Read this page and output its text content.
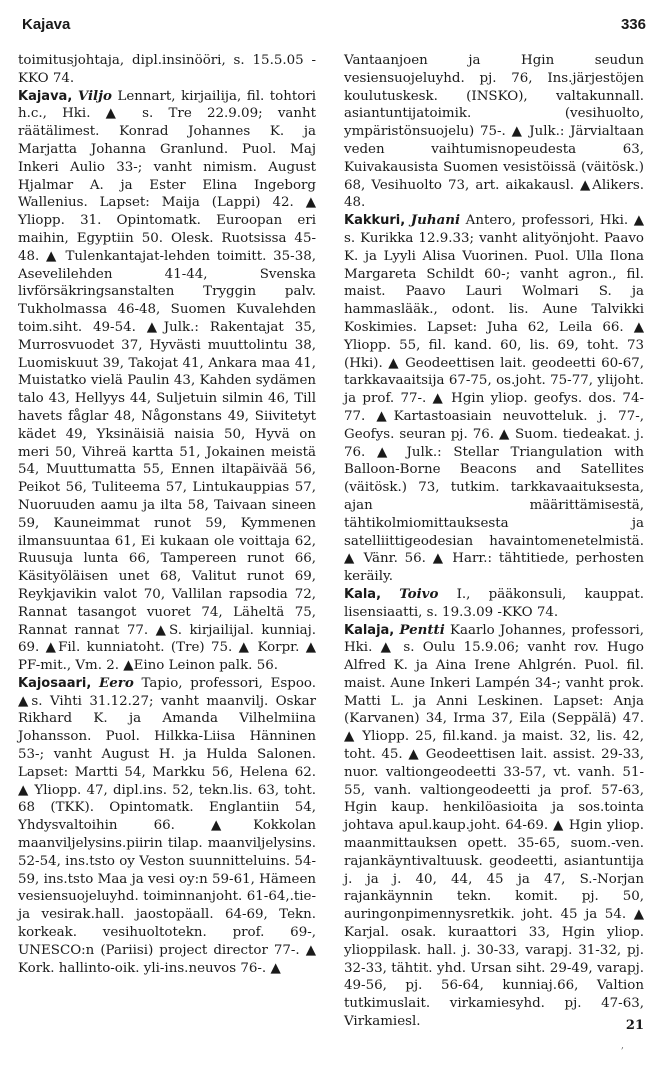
Kajava	336

toimitusjohtaja, dipl.insinööri, s. 15.5.05 -KKO 74.

Kajava, Viljo Lennart, kirjailija, fil. tohtori h.c., Hki. ▲ s. Tre 22.9.09; vanht räätälimest. Konrad Johannes K. ja Marjatta Johanna Granlund. Puol. Maj Inkeri Aulio 33-; vanht nimism. August Hjalmar A. ja Ester Elina Ingeborg Wallenius. Lapset: Maija (Lappi) 42. ▲ Yliopp. 31. Opintomatk. Euroopan eri maihin, Egyptiin 50. Olesk. Ruotsissa 45-48. ▲ Tulenkantajat-lehden toimitt. 35-38, Asevelilehden 41-44, Svenska livförsäkringsanstalten Tryggin palv. Tukholmassa 46-48, Suomen Kuvalehden toim.siht. 49-54. ▲Julk.: Rakentajat 35, Murrosvuodet 37, Hyvästi muuttolintu 38, Luomiskuut 39, Takojat 41, Ankara maa 41, Muistatko vielä Paulin 43, Kahden sydämen talo 43, Hellyys 44, Suljetuin silmin 46, Till havets fåglar 48, Någonstans 49, Siivitetyt kädet 49, Yksinäisiä naisia 50, Hyvä on meri 50, Vihreä kartta 51, Jokainen meistä 54, Muuttumatta 55, Ennen iltapäivää 56, Peikot 56, Tuliteema 57, Lintukauppias 57, Nuoruuden aamu ja ilta 58, Taivaan sineen 59, Kauneimmat runot 59, Kymmenen ilmansuuntaa 61, Ei kukaan ole voittaja 62, Ruusuja lunta 66, Tampereen runot 66, Käsityöläisen unet 68, Valitut runot 69, Reykjavikin valot 70, Vallilan rapsodia 72, Rannat tasangot vuoret 74, Läheltä 75, Rannat rannat 77. ▲S. kirjailijal. kunniaj. 69. ▲Fil. kunniatoht. (Tre) 75. ▲ Korpr. ▲ PF-mit., Vm. 2. ▲Eino Leinon palk. 56.

Kajosaari, Eero Tapio, professori, Espoo. ▲s. Vihti 31.12.27; vanht maanvilj. Oskar Rikhard K. ja Amanda Vilhelmiina Johansson. Puol. Hilkka-Liisa Hänninen 53-; vanht August H. ja Hulda Salonen. Lapset: Martti 54, Markku 56, Helena 62. ▲ Yliopp. 47, dipl.ins. 52, tekn.lis. 63, toht. 68 (TKK). Opintomatk. Englantiin 54, Yhdysvaltoihin 66. ▲Kokkolan maanviljelysins.piirin tilap. maanviljelysins. 52-54, ins.tsto oy Veston suunnitteluins. 54-59, ins.tsto Maa ja vesi oy:n 59-61, Hämeen vesiensuojeluyhd. toiminnanjoht. 61-64,.tie- ja vesirak.hall. jaostopäall. 64-69, Tekn. korkeak. vesihuoltotekn. prof. 69-, UNESCO:n (Pariisi) project director 77-. ▲ Kork. hallinto-oik. yli-ins.neuvos 76-. ▲

Vantaanjoen ja Hgin seudun vesiensuojeluyhd. pj. 76, Ins.järjestöjen koulutuskesk. (INSKO), valtakunnall. asiantuntijatoimik. (vesihuolto, ympäristönsuojelu) 75-. ▲ Julk.: Järvialtaan veden vaihtumisnopeudesta 63, Kuivakausista Suomen vesistöissä (väitösk.) 68, Vesihuolto 73, art. aikakausl. ▲Alikers. 48.

Kakkuri, Juhani Antero, professori, Hki. ▲ s. Kurikka 12.9.33; vanht alityönjoht. Paavo K. ja Lyyli Alisa Vuorinen. Puol. Ulla Ilona Margareta Schildt 60-; vanht agron., fil. maist. Paavo Lauri Wolmari S. ja hammaslääk., odont. lis. Aune Talvikki Koskimies. Lapset: Juha 62, Leila 66. ▲ Yliopp. 55, fil. kand. 60, lis. 69, toht. 73 (Hki). ▲ Geodeettisen lait. geodeetti 60-67, tarkkavaaitsija 67-75, os.joht. 75-77, ylijoht. ja prof. 77-. ▲ Hgin yliop. geofys. dos. 74-77. ▲Kartastoasiain neuvotteluk. j. 77-, Geofys. seuran pj. 76. ▲ Suom. tiedeakat. j. 76. ▲ Julk.: Stellar Triangulation with Balloon-Borne Beacons and Satellites (väitösk.) 73, tutkim. tarkkavaaituksesta, ajan määrittämisestä, tähtikolmiomittauksesta ja satelliittigeodesian havaintomenetelmistä. ▲ Vänr. 56. ▲ Harr.: tähtitiede, perhosten keräily.

Kala, Toivo I., pääkonsuli, kauppat. lisensiaatti, s. 19.3.09 -KKO 74.

Kalaja, Pentti Kaarlo Johannes, professori, Hki. ▲ s. Oulu 15.9.06; vanht rov. Hugo Alfred K. ja Aina Irene Ahlgrén. Puol. fil. maist. Aune Inkeri Lampén 34-; vanht prok. Matti L. ja Anni Leskinen. Lapset: Anja (Karvanen) 34, Irma 37, Eila (Seppälä) 47. ▲ Yliopp. 25, fil.kand. ja maist. 32, lis. 42, toht. 45. ▲ Geodeettisen lait. assist. 29-33, nuor. valtiongeodeetti 33-57, vt. vanh. 51-55, vanh. valtiongeodeetti ja prof. 57-63, Hgin kaup. henkilöasioita ja sos.tointa johtava apul.kaup.joht. 64-69. ▲ Hgin yliop. maanmittauksen opett. 35-65, suom.-ven. rajankäyntivaltuusk. geodeetti, asiantuntija j. ja j. 40, 44, 45 ja 47, S.-Norjan rajankäynnin tekn. komit. pj. 50, auringonpimennysretkik. joht. 45 ja 54. ▲ Karjal. osak. kuraattori 33, Hgin yliop. ylioppilask. hall. j. 30-33, varapj. 31-32, pj. 32-33, tähtit. yhd. Ursan siht. 29-49, varapj. 49-56, pj. 56-64, kunniaj.66, Valtion tutkimuslait. virkamiesyhd. pj. 47-63, Virkamiesl.	21
,
